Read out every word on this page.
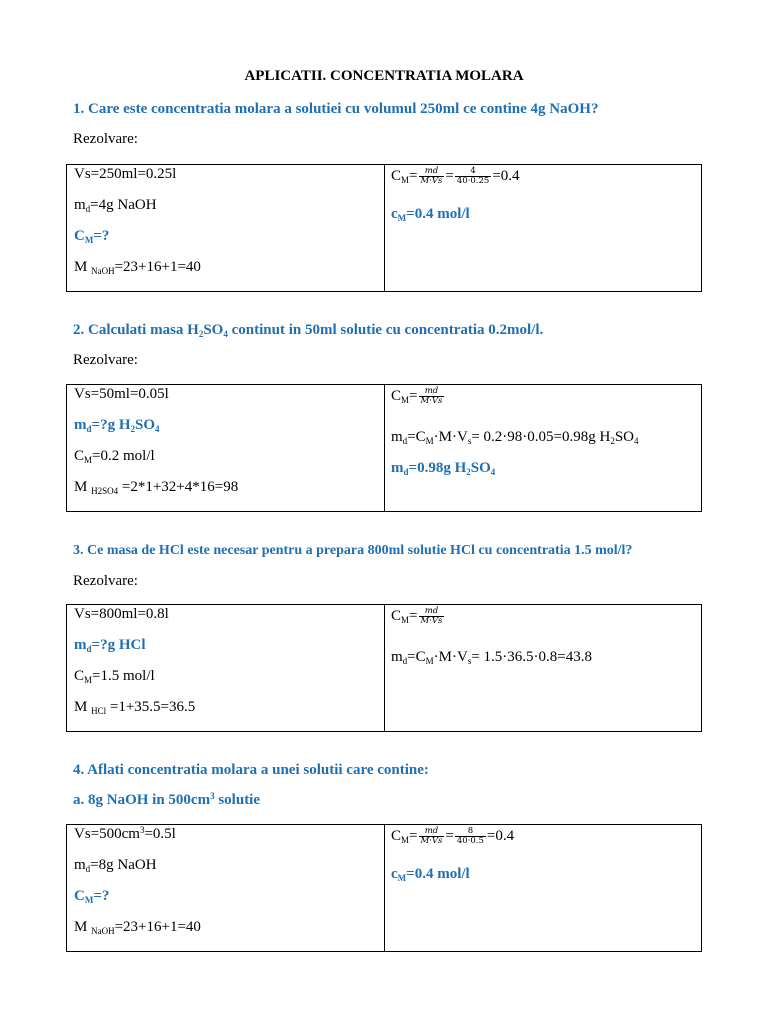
APLICATII. CONCENTRATIA MOLARA
1. Care este concentratia molara a solutiei cu volumul 250ml ce contine 4g NaOH?
Rezolvare:
Vs=250ml=0.25l
$m_d=4g$ NaOH
$C_M=$?
M $_{NaOH}$=23+16+1=40
$C_M= \frac{md}{M\cdot Vs} = \frac{4}{40\cdot 0.25} =0.4$
$c_M=0.4$ mol/l
2. Calculati masa $H_2SO_4$ continut in 50ml solutie cu concentratia 0.2mol/l.
Rezolvare:
Vs=50ml=0.05l
$m_d=?g$ $H_2SO_4$
$C_M=0.2$ mol/l
M $_{H2SO4}$ =2*1+32+4*16=98
$C_M= \frac{md}{M\cdot Vs}$
$m_d=C_M\cdot M\cdot V_s= 0.2\cdot 98\cdot 0.05=0.98g$ $H_2SO_4$
$m_d=0.98g$ $H_2SO_4$
3. Ce masa de HCl este necesar pentru a prepara 800ml solutie HCl cu concentratia 1.5 mol/l?
Rezolvare:
Vs=800ml=0.8l
$m_d=?g$ HCl
$C_M=1.5$ mol/l
M $_{HCl}$ =1+35.5=36.5
$C_M= \frac{md}{M\cdot Vs}$
$m_d=C_M\cdot M\cdot V_s= 1.5\cdot 36.5\cdot 0.8=43.8$
4. Aflati concentratia molara a unei solutii care contine:
a. 8g NaOH in $500cm^3$ solutie
$Vs=500cm^3=0.5l$
$m_d=8g$ NaOH
$C_M=$?
M $_{NaOH}$=23+16+1=40
$C_M= \frac{md}{M\cdot Vs} = \frac{8}{40\cdot 0.5} =0.4$
$c_M=0.4$ mol/l
